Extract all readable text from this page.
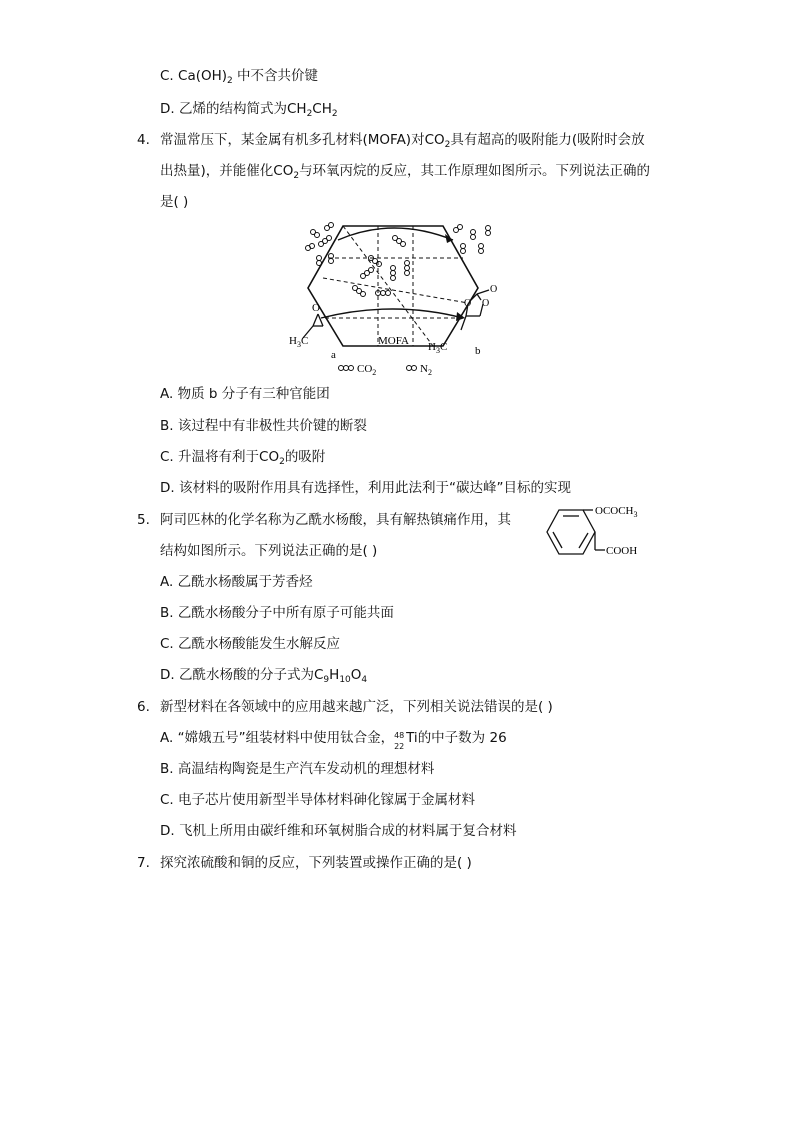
C. $Ca(OH)_2$ 中不含共价键
D. 乙烯的结构简式为$CH_2CH_2$
4. 常温常压下，某金属有机多孔材料(MOFA)对$CO_2$具有超高的吸附能力(吸附时会放
出热量)，并能催化$CO_2$与环氧丙烷的反应，其工作原理如图所示。下列说法正确的
是( )
O
$H_3C$
a
MOFA
O O
O
$H_3C$	b
$CO_2$	$N_2$
A. 物质 b 分子有三种官能团
B. 该过程中有非极性共价键的断裂
C. 升温将有利于$CO_2$的吸附
D. 该材料的吸附作用具有选择性，利用此法利于“碳达峰”目标的实现
5. 阿司匹林的化学名称为乙酰水杨酸，具有解热镇痛作用，其
结构如图所示。下列说法正确的是( )
$OCOCH_3$
COOH
A. 乙酰水杨酸属于芳香烃
B. 乙酰水杨酸分子中所有原子可能共面
C. 乙酰水杨酸能发生水解反应
D. 乙酰水杨酸的分子式为$C_9H_{10}O_4$
6. 新型材料在各领域中的应用越来越广泛，下列相关说法错误的是( )
A. “嫦娥五号”组装材料中使用钛合金， 48
22
Ti的中子数为 26
B. 高温结构陶瓷是生产汽车发动机的理想材料
C. 电子芯片使用新型半导体材料砷化镓属于金属材料
D. 飞机上所用由碳纤维和环氧树脂合成的材料属于复合材料
7. 探究浓硫酸和铜的反应，下列装置或操作正确的是( )
